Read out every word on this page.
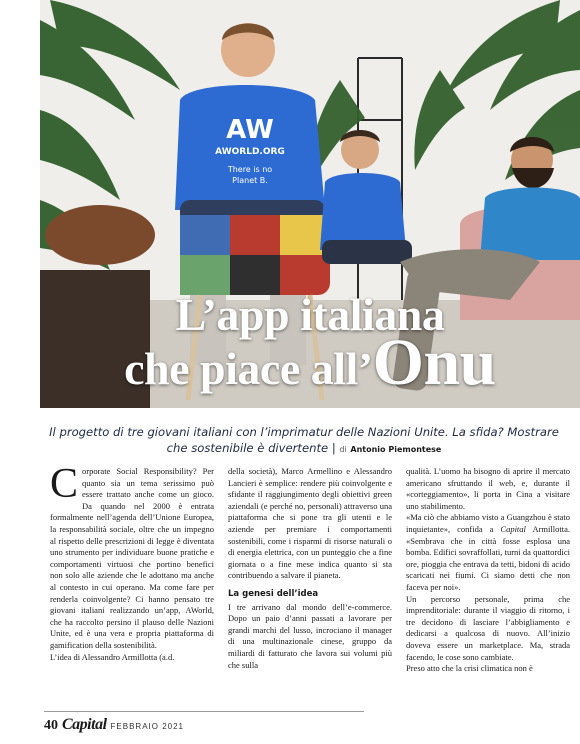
AW
AWORLD.ORG
There is no
Planet B.
L’app italiana
che piace all’Onu
Il progetto di tre giovani italiani con l’imprimatur delle Nazioni Unite. La sfida? Mostrare che sostenibile è divertente | di Antonio Piemontese

Corporate Social Responsibility? Per quanto sia un tema serissimo può essere trattato anche come un gioco. Da quando nel 2000 è entrata formalmente nell’agenda dell’Unione Europea, la responsabilità sociale, oltre che un impegno al rispetto delle prescrizioni di legge è diventata uno strumento per individuare buone pratiche e comportamenti virtuosi che portino benefici non solo alle aziende che le adottano ma anche al contesto in cui operano. Ma come fare per renderla coinvolgente? Ci hanno pensato tre giovani italiani realizzando un’app, AWorld, che ha raccolto persino il plauso delle Nazioni Unite, ed è una vera e propria piattaforma di gamification della sostenibilità.

L’idea di Alessandro Armillotta (a.d.

della società), Marco Armellino e Alessandro Lancieri è semplice: rendere più coinvolgente e sfidante il raggiungimento degli obiettivi green aziendali (e perché no, personali) attraverso una piattaforma che si pone tra gli utenti e le aziende per premiare i comportamenti sostenibili, come i risparmi di risorse naturali o di energia elettrica, con un punteggio che a fine giornata o a fine mese indica quanto si sta contribuendo a salvare il pianeta.

La genesi dell’idea

I tre arrivano dal mondo dell’e-commerce. Dopo un paio d’anni passati a lavorare per grandi marchi del lusso, incrociano il manager di una multinazionale cinese, gruppo da miliardi di fatturato che lavora sui volumi più che sulla

qualità. L’uomo ha bisogno di aprire il mercato americano sfruttando il web, e, durante il «corteggiamento», li porta in Cina a visitare uno stabilimento.

«Ma ciò che abbiamo visto a Guangzhou è stato inquietante», confida a Capital Armillotta. «Sembrava che in città fosse esplosa una bomba. Edifici sovraffollati, turni da quattordici ore, pioggia che entrava da tetti, bidoni di acido scaricati nei fiumi. Ci siamo detti che non faceva per noi».

Un percorso personale, prima che imprenditoriale: durante il viaggio di ritorno, i tre decidono di lasciare l’abbigliamento e dedicarsi a qualcosa di nuovo. All’inizio doveva essere un marketplace. Ma, strada facendo, le cose sono cambiate.

Preso atto che la crisi climatica non è

40 Capital FEBBRAIO 2021
